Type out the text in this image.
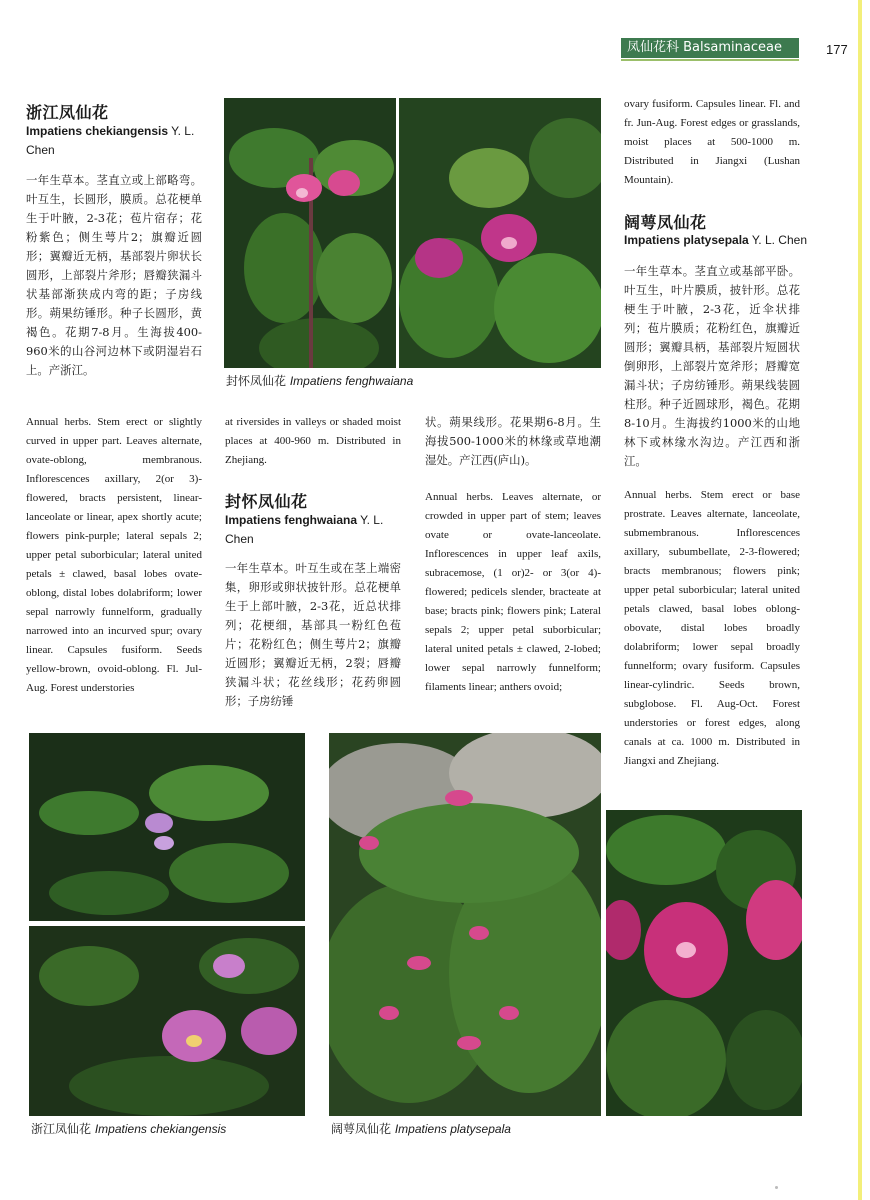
凤仙花科 Balsaminaceae	177
浙江凤仙花
Impatiens chekiangensis Y. L. Chen
一年生草本。茎直立或上部略弯。叶互生，长圆形，膜质。总花梗单生于叶腋，2-3花；苞片宿存；花粉紫色；侧生萼片2；旗瓣近圆形；翼瓣近无柄，基部裂片卵状长圆形，上部裂片斧形；唇瓣狭漏斗状基部渐狭成内弯的距；子房线形。蒴果纺锤形。种子长圆形，黄褐色。花期7-8月。生海拔400-960米的山谷河边林下或阴湿岩石上。产浙江。
Annual herbs. Stem erect or slightly curved in upper part. Leaves alternate, ovate-oblong, membranous. Inflorescences axillary, 2(or 3)-flowered, bracts persistent, linear-lanceolate or linear, apex shortly acute; flowers pink-purple; lateral sepals 2; upper petal suborbicular; lateral united petals ± clawed, basal lobes ovate-oblong, distal lobes dolabriform; lower sepal narrowly funnelform, gradually narrowed into an incurved spur; ovary linear. Capsules fusiform. Seeds yellow-brown, ovoid-oblong. Fl. Jul-Aug. Forest understories
at riversides in valleys or shaded moist places at 400-960 m. Distributed in Zhejiang.
封怀凤仙花
Impatiens fenghwaiana Y. L. Chen
一年生草本。叶互生或在茎上端密集，卵形或卵状披针形。总花梗单生于上部叶腋，2-3花，近总状排列；花梗细，基部具一粉红色苞片；花粉红色；侧生萼片2；旗瓣近圆形；翼瓣近无柄，2裂；唇瓣狭漏斗状；花丝线形；花药卵圆形；子房纺锤
状。蒴果线形。花果期6-8月。生海拔500-1000米的林缘或草地潮湿处。产江西(庐山)。
Annual herbs. Leaves alternate, or crowded in upper part of stem; leaves ovate or ovate-lanceolate. Inflorescences in upper leaf axils, subracemose, (1 or)2- or 3(or 4)-flowered; pedicels slender, bracteate at base; bracts pink; flowers pink; Lateral sepals 2; upper petal suborbicular; lateral united petals ± clawed, 2-lobed; lower sepal narrowly funnelform; filaments linear; anthers ovoid;
ovary fusiform. Capsules linear. Fl. and fr. Jun-Aug. Forest edges or grasslands, moist places at 500-1000 m. Distributed in Jiangxi (Lushan Mountain).
阔萼凤仙花
Impatiens platysepala Y. L. Chen
一年生草本。茎直立或基部平卧。叶互生，叶片膜质，披针形。总花梗生于叶腋，2-3花，近伞状排列；苞片膜质；花粉红色，旗瓣近圆形；翼瓣具柄，基部裂片短圆状倒卵形，上部裂片宽斧形；唇瓣宽漏斗状；子房纺锤形。蒴果线装圆柱形。种子近圆球形，褐色。花期8-10月。生海拔约1000米的山地林下或林缘水沟边。产江西和浙江。
Annual herbs. Stem erect or base prostrate. Leaves alternate, lanceolate, submembranous. Inflorescences axillary, subumbellate, 2-3-flowered; bracts membranous; flowers pink; upper petal suborbicular; lateral united petals clawed, basal lobes oblong-obovate, distal lobes broadly dolabriform; lower sepal broadly funnelform; ovary fusiform. Capsules linear-cylindric. Seeds brown, subglobose. Fl. Aug-Oct. Forest understories or forest edges, along canals at ca. 1000 m. Distributed in Jiangxi and Zhejiang.
封怀凤仙花 Impatiens fenghwaiana
浙江凤仙花 Impatiens chekiangensis	阔萼凤仙花 Impatiens platysepala
